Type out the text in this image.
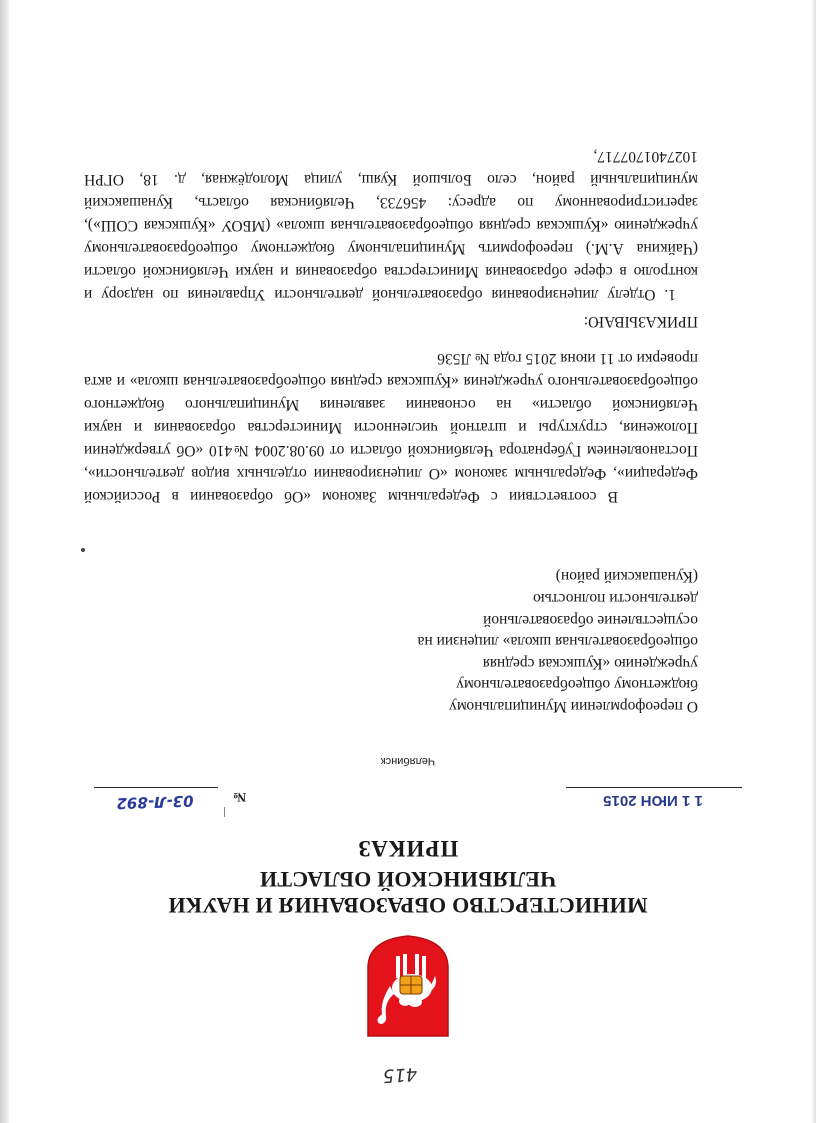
415
МИНИСТЕРСТВО ОБРАЗОВАНИЯ И НАУКИ
ЧЕЛЯБИНСКОЙ ОБЛАСТИ
ПРИКАЗ
1 1 ИЮН 2015
№
03-Л-892
Челябинск
О переоформлении Муниципальному
бюджетному общеобразовательному
учреждению «Кушкская средняя
общеобразовательная школа» лицензии на
осуществление образовательной
деятельности полностью
(Кунашакский район)

В соответствии с Федеральным Законом «Об образовании в Российской Федерации», Федеральным законом «О лицензировании отдельных видов деятельности», Постановлением Губернатора Челябинской области от 09.08.2004 №410 «Об утверждении Положения, структуры и штатной численности Министерства образования и науки Челябинской области» на основании заявления Муниципального бюджетного общеобразовательного учреждения «Кушкская средняя общеобразовательная школа» и акта проверки от 11 июня 2015 года № Л536

ПРИКАЗЫВАЮ:

1. Отделу лицензирования образовательной деятельности Управления по надзору и контролю в сфере образования Министерства образования и науки Челябинской области (Чайкина А.М.) переоформить Муниципальному бюджетному общеобразовательному учреждению «Кушкская средняя общеобразовательная школа» (МБОУ «Кушкская СОШ»), зарегистрированному по адресу: 456733, Челябинская область, Кунашакский муниципальный район, село Большой Куяш, улица Молодёжная, д. 18, ОГРН 1027401707717,
